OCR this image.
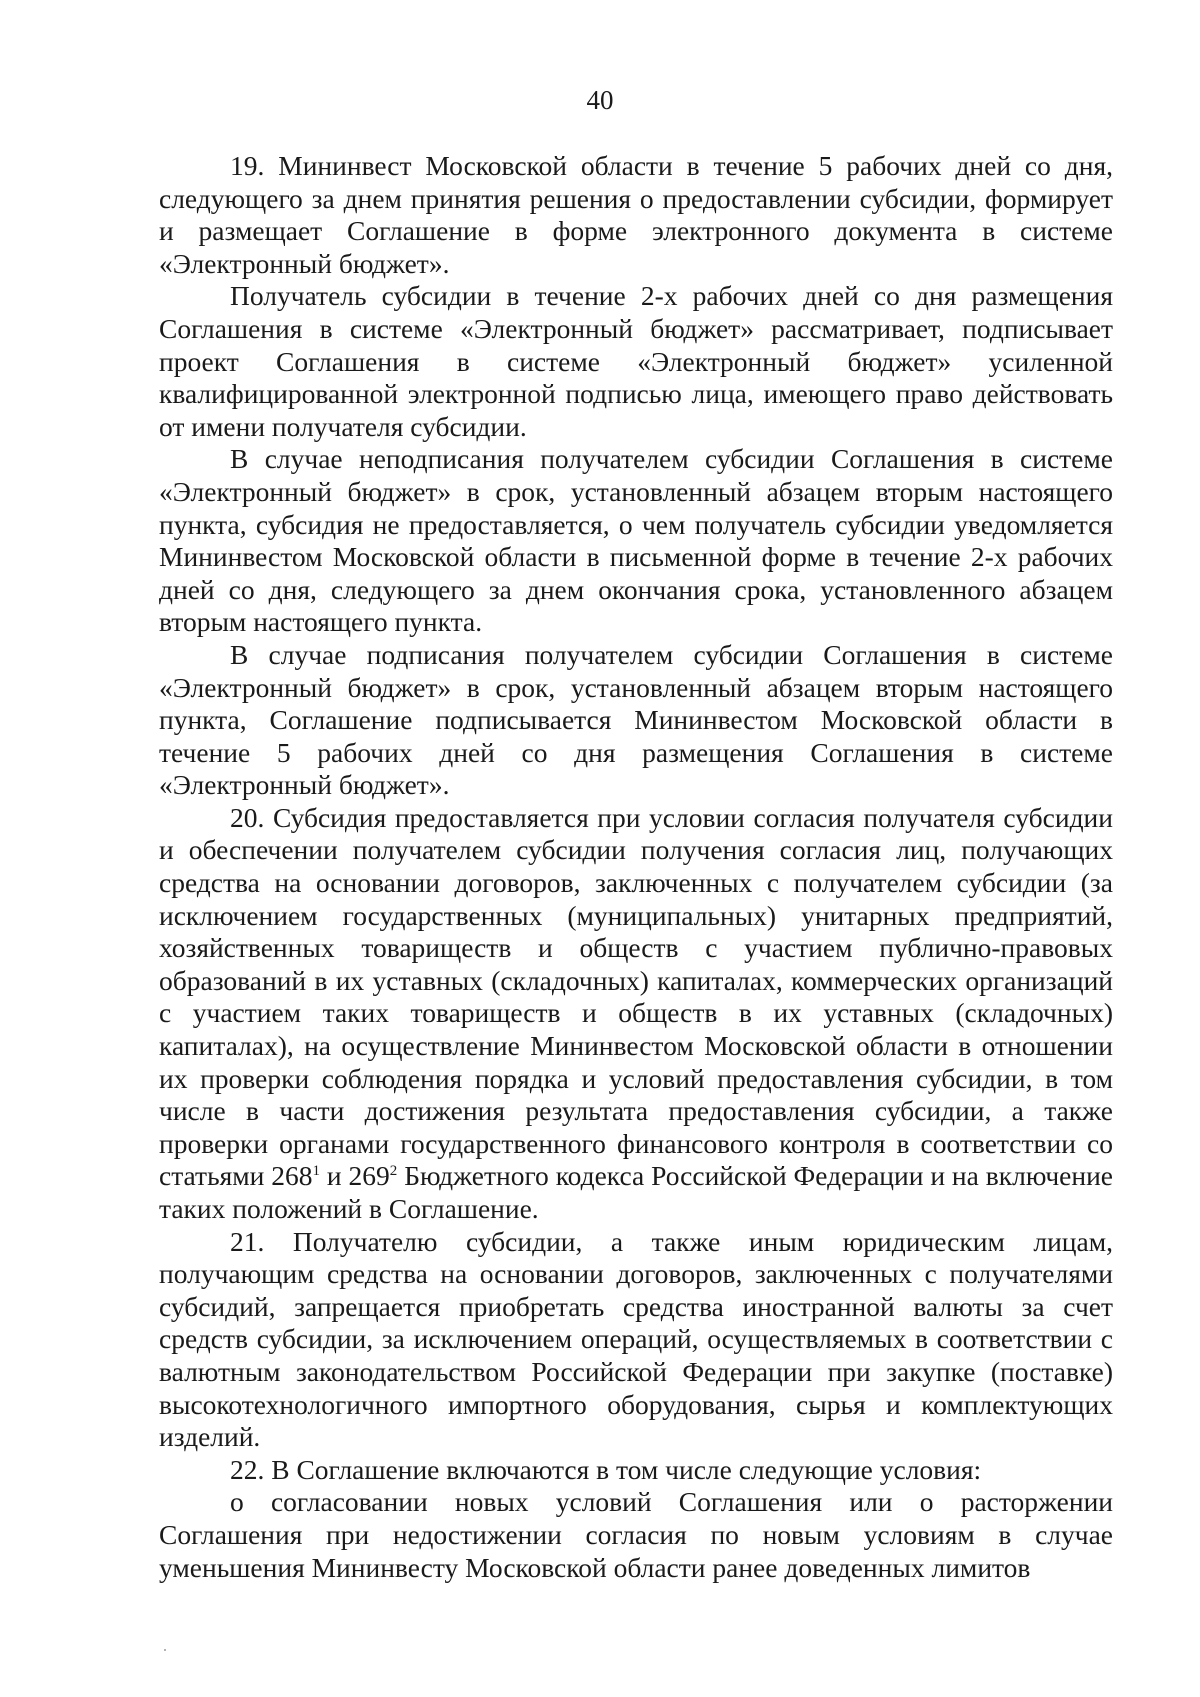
40

19. Мининвест Московской области в течение 5 рабочих дней со дня, следующего за днем принятия решения о предоставлении субсидии, формирует и размещает Соглашение в форме электронного документа в системе «Электронный бюджет».

Получатель субсидии в течение 2-х рабочих дней со дня размещения Соглашения в системе «Электронный бюджет» рассматривает, подписывает проект Соглашения в системе «Электронный бюджет» усиленной квалифицированной электронной подписью лица, имеющего право действовать от имени получателя субсидии.

В случае неподписания получателем субсидии Соглашения в системе «Электронный бюджет» в срок, установленный абзацем вторым настоящего пункта, субсидия не предоставляется, о чем получатель субсидии уведомляется Мининвестом Московской области в письменной форме в течение 2-х рабочих дней со дня, следующего за днем окончания срока, установленного абзацем вторым настоящего пункта.

В случае подписания получателем субсидии Соглашения в системе «Электронный бюджет» в срок, установленный абзацем вторым настоящего пункта, Соглашение подписывается Мининвестом Московской области в течение 5 рабочих дней со дня размещения Соглашения в системе «Электронный бюджет».

20. Субсидия предоставляется при условии согласия получателя субсидии и обеспечении получателем субсидии получения согласия лиц, получающих средства на основании договоров, заключенных с получателем субсидии (за исключением государственных (муниципальных) унитарных предприятий, хозяйственных товариществ и обществ с участием публично-правовых образований в их уставных (складочных) капиталах, коммерческих организаций с участием таких товариществ и обществ в их уставных (складочных) капиталах), на осуществление Мининвестом Московской области в отношении их проверки соблюдения порядка и условий предоставления субсидии, в том числе в части достижения результата предоставления субсидии, а также проверки органами государственного финансового контроля в соответствии со статьями $268^1$ и $269^2$ Бюджетного кодекса Российской Федерации и на включение таких положений в Соглашение.

21. Получателю субсидии, а также иным юридическим лицам, получающим средства на основании договоров, заключенных с получателями субсидий, запрещается приобретать средства иностранной валюты за счет средств субсидии, за исключением операций, осуществляемых в соответствии с валютным законодательством Российской Федерации при закупке (поставке) высокотехнологичного импортного оборудования, сырья и комплектующих изделий.

22. В Соглашение включаются в том числе следующие условия:

о согласовании новых условий Соглашения или о расторжении Соглашения при недостижении согласия по новым условиям в случае уменьшения Мининвесту Московской области ранее доведенных лимитов
